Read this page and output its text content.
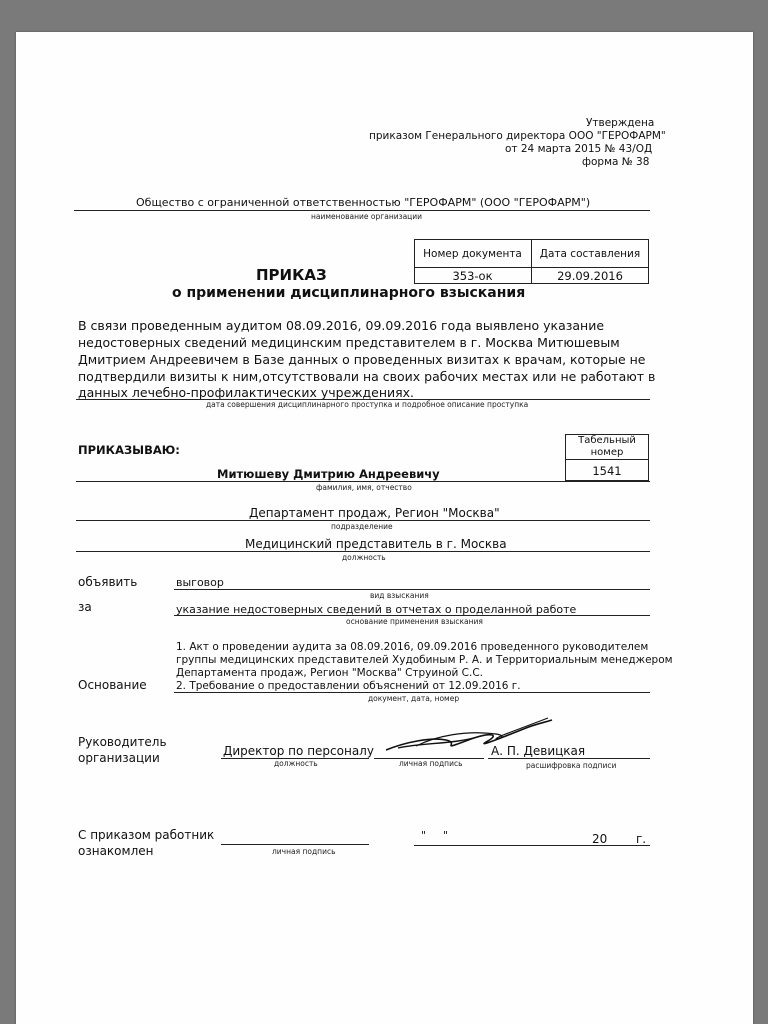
Утверждена
приказом Генерального директора ООО "ГЕРОФАРМ"
от 24 марта 2015 № 43/ОД
форма № 38
Общество с ограниченной ответственностью "ГЕРОФАРМ" (ООО "ГЕРОФАРМ")
наименование организации
Номер документа	Дата составления
353-ок	29.09.2016
ПРИКАЗ
о применении дисциплинарного взыскания
В связи проведенным аудитом 08.09.2016, 09.09.2016 года выявлено указание
недостоверных сведений медицинским представителем в г. Москва Митюшевым
Дмитрием Андреевичем в Базе данных о проведенных визитах к врачам, которые не
подтвердили визиты к ним,отсутствовали на своих рабочих местах или не работают в
данных лечебно-профилактических учреждениях.
дата совершения дисциплинарного проступка и подробное описание проступка
ПРИКАЗЫВАЮ:
Табельный
номер
1541
Митюшеву Дмитрию Андреевичу
фамилия, имя, отчество
Департамент продаж, Регион "Москва"
подразделение
Медицинский представитель в г. Москва
должность
объявить	выговор
вид взыскания
за	указание недостоверных сведений в отчетах о проделанной работе
основание применения взыскания
1. Акт о проведении аудита за 08.09.2016, 09.09.2016 проведенного руководителем
группы медицинских представителей Худобиным Р. А. и Территориальным менеджером
Департамента продаж, Регион "Москва" Струиной С.С.
2. Требование о предоставлении объяснений от 12.09.2016 г.
Основание
документ, дата, номер
Руководитель
организации	Директор по персоналу
должность	личная подпись
А. П. Девицкая
расшифровка подписи
С приказом работник
ознакомлен	личная подпись
" "	20 г.
